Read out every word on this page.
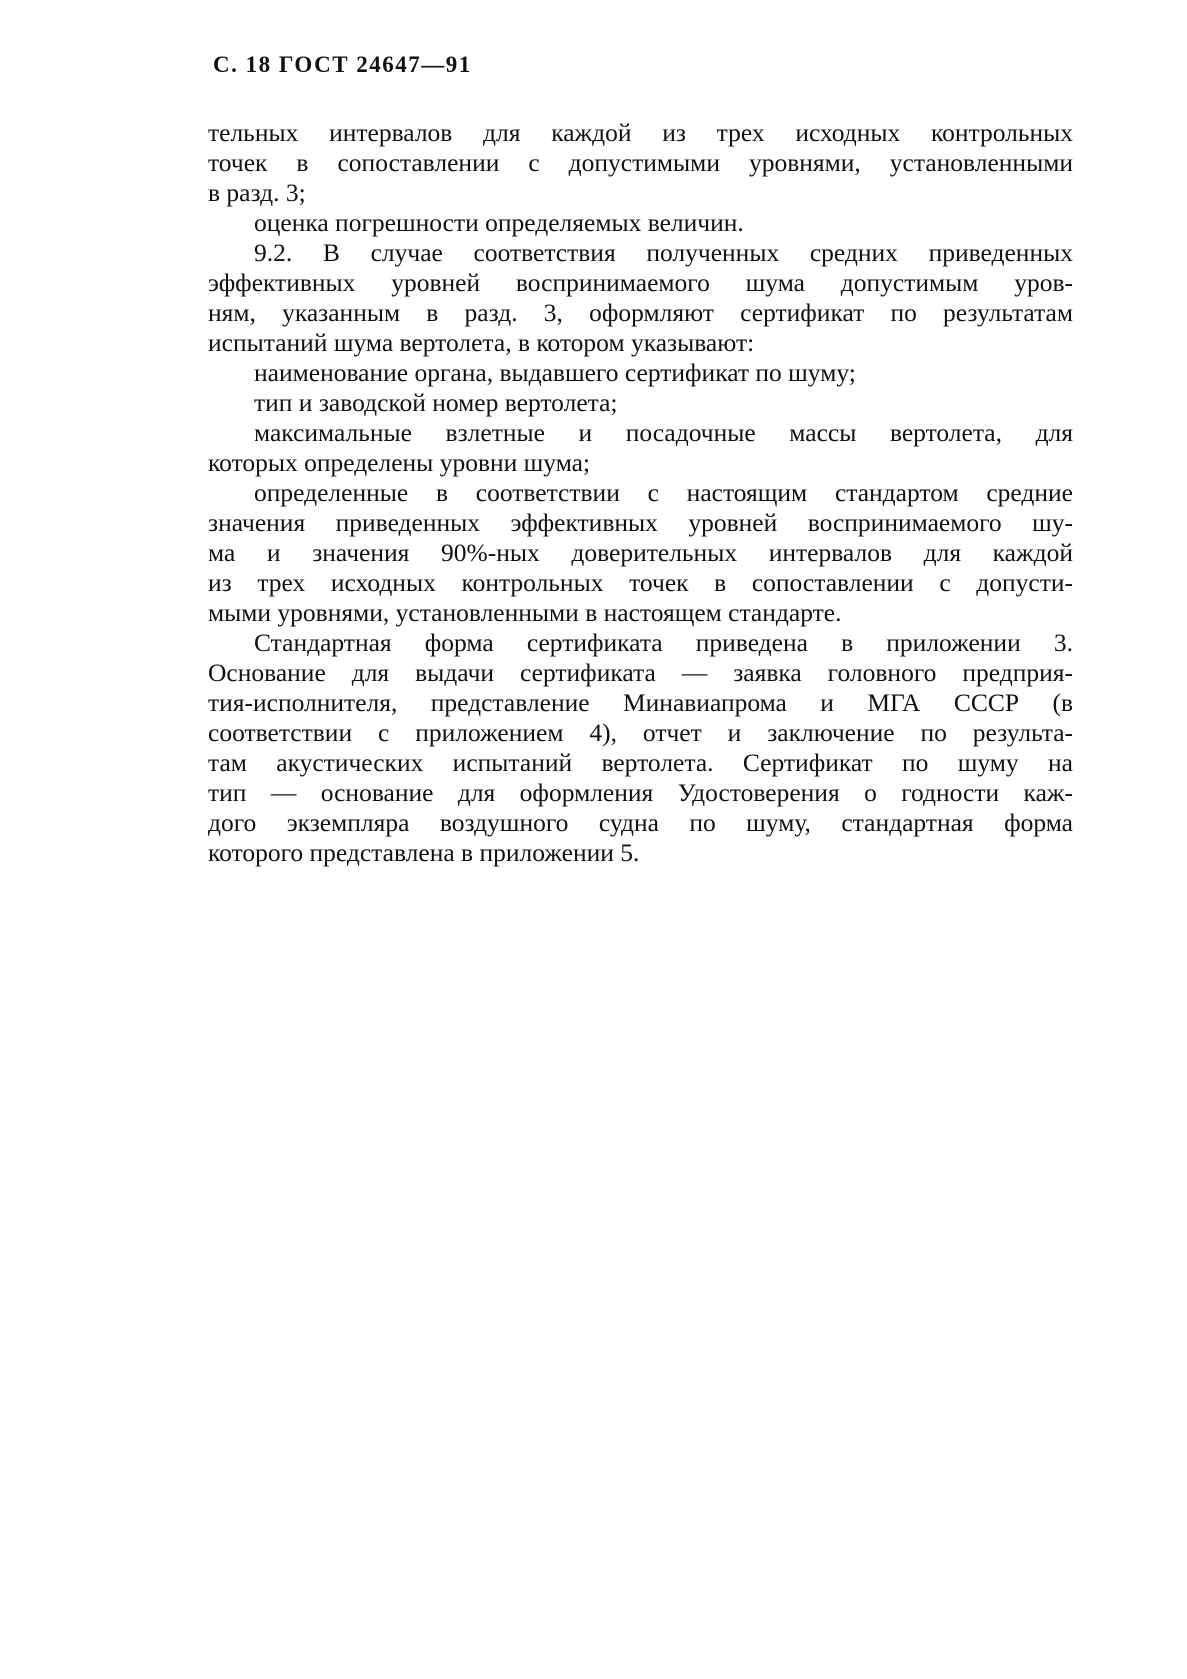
С. 18 ГОСТ 24647—91
тельных интервалов для каждой из трех исходных контрольных
точек в сопоставлении с допустимыми уровнями, установленными
в разд. 3;
оценка погрешности определяемых величин.
9.2. В случае соответствия полученных средних приведенных
эффективных уровней воспринимаемого шума допустимым уров-
ням, указанным в разд. 3, оформляют сертификат по результатам
испытаний шума вертолета, в котором указывают:
наименование органа, выдавшего сертификат по шуму;
тип и заводской номер вертолета;
максимальные взлетные и посадочные массы вертолета, для
которых определены уровни шума;
определенные в соответствии с настоящим стандартом средние
значения приведенных эффективных уровней воспринимаемого шу-
ма и значения 90%-ных доверительных интервалов для каждой
из трех исходных контрольных точек в сопоставлении с допусти-
мыми уровнями, установленными в настоящем стандарте.
Стандартная форма сертификата приведена в приложении 3.
Основание для выдачи сертификата — заявка головного предприя-
тия-исполнителя, представление Минавиапрома и МГА СССР (в
соответствии с приложением 4), отчет и заключение по результа-
там акустических испытаний вертолета. Сертификат по шуму на
тип — основание для оформления Удостоверения о годности каж-
дого экземпляра воздушного судна по шуму, стандартная форма
которого представлена в приложении 5.
